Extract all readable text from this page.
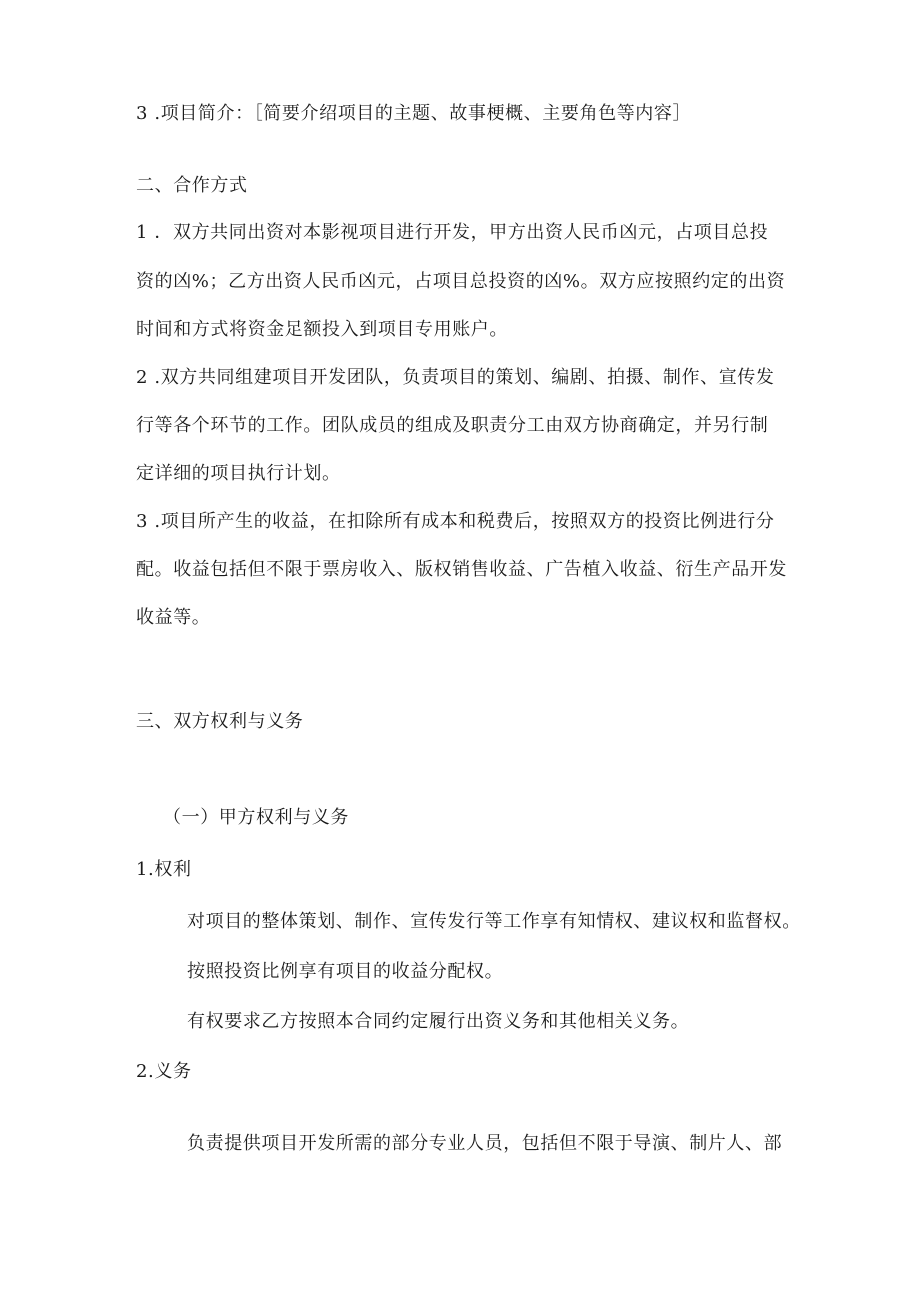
3 .项目简介：［简要介绍项目的主题、故事梗概、主要角色等内容］
二、合作方式
1 ．双方共同出资对本影视项目进行开发，甲方出资人民币凶元，占项目总投
资的凶%；乙方出资人民币凶元，占项目总投资的凶%。双方应按照约定的出资
时间和方式将资金足额投入到项目专用账户。
2 .双方共同组建项目开发团队，负责项目的策划、编剧、拍摄、制作、宣传发
行等各个环节的工作。团队成员的组成及职责分工由双方协商确定，并另行制
定详细的项目执行计划。
3 .项目所产生的收益，在扣除所有成本和税费后，按照双方的投资比例进行分
配。收益包括但不限于票房收入、版权销售收益、广告植入收益、衍生产品开发
收益等。
三、双方权利与义务
（一）甲方权利与义务
1.权利
对项目的整体策划、制作、宣传发行等工作享有知情权、建议权和监督权。
按照投资比例享有项目的收益分配权。
有权要求乙方按照本合同约定履行出资义务和其他相关义务。
2.义务
负责提供项目开发所需的部分专业人员，包括但不限于导演、制片人、部
